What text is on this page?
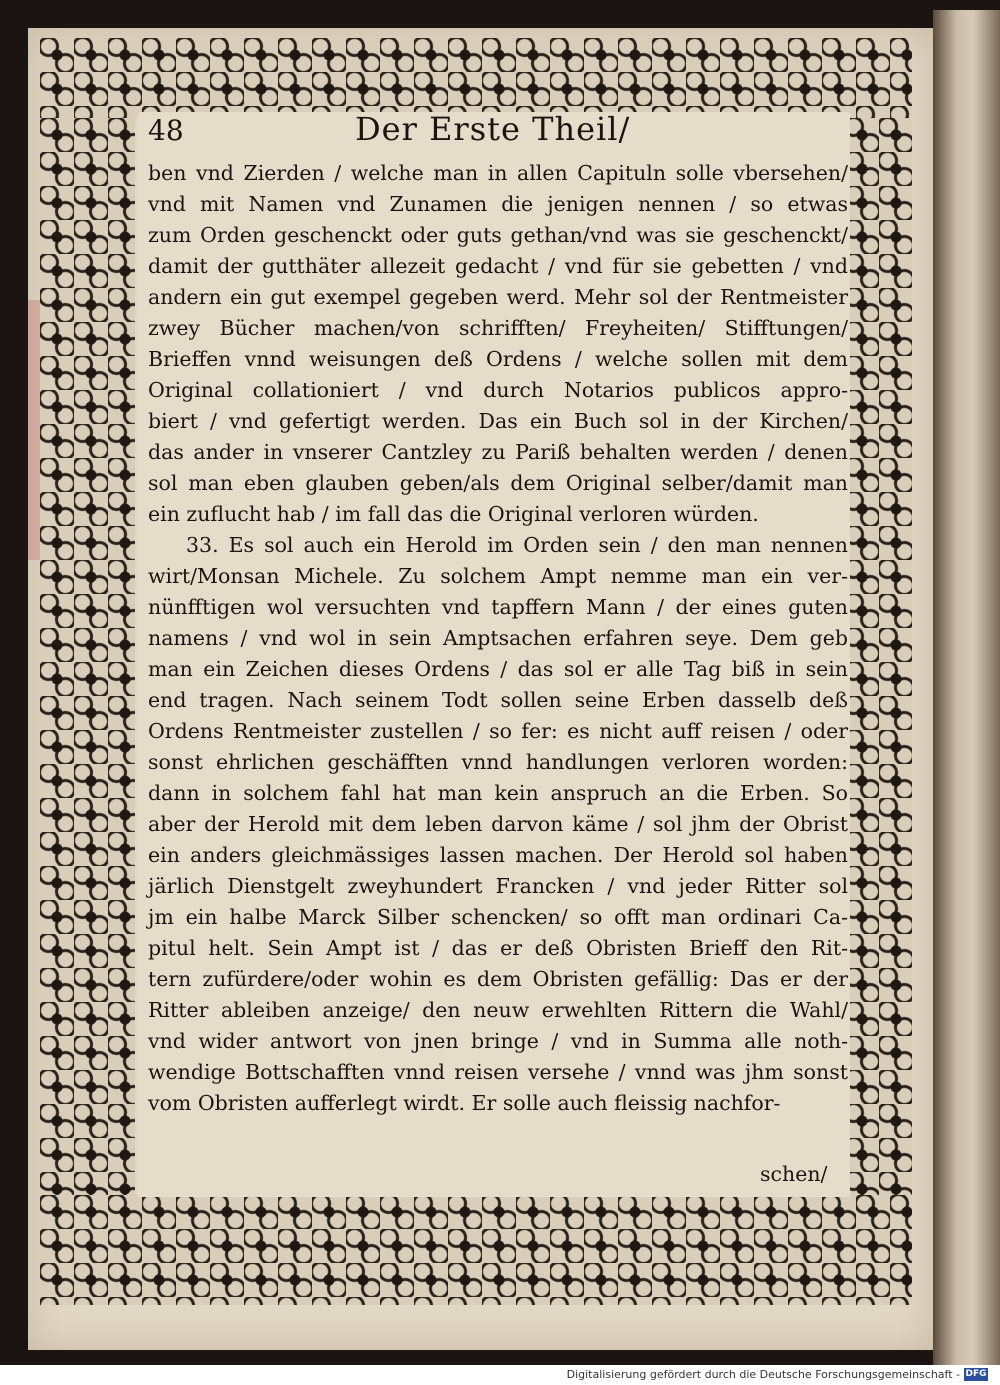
48	Der Erste Theil/
ben vnd Zierden / welche man in allen Capituln solle vbersehen/
vnd mit Namen vnd Zunamen die jenigen nennen / so etwas
zum Orden geschenckt oder guts gethan/vnd was sie geschenckt/
damit der gutthäter allezeit gedacht / vnd für sie gebetten / vnd
andern ein gut exempel gegeben werd. Mehr sol der Rentmeister
zwey Bücher machen/von schrifften/ Freyheiten/ Stifftungen/
Brieffen vnnd weisungen deß Ordens / welche sollen mit dem
Original collationiert / vnd durch Notarios publicos appro-
biert / vnd gefertigt werden. Das ein Buch sol in der Kirchen/
das ander in vnserer Cantzley zu Pariß behalten werden / denen
sol man eben glauben geben/als dem Original selber/damit man
ein zuflucht hab / im fall das die Original verloren würden.
33. Es sol auch ein Herold im Orden sein / den man nennen
wirt/Monsan Michele. Zu solchem Ampt nemme man ein ver-
nünfftigen wol versuchten vnd tapffern Mann / der eines guten
namens / vnd wol in sein Amptsachen erfahren seye. Dem geb
man ein Zeichen dieses Ordens / das sol er alle Tag biß in sein
end tragen. Nach seinem Todt sollen seine Erben dasselb deß
Ordens Rentmeister zustellen / so fer: es nicht auff reisen / oder
sonst ehrlichen geschäfften vnnd handlungen verloren worden:
dann in solchem fahl hat man kein anspruch an die Erben. So
aber der Herold mit dem leben darvon käme / sol jhm der Obrist
ein anders gleichmässiges lassen machen. Der Herold sol haben
järlich Dienstgelt zweyhundert Francken / vnd jeder Ritter sol
jm ein halbe Marck Silber schencken/ so offt man ordinari Ca-
pitul helt. Sein Ampt ist / das er deß Obristen Brieff den Rit-
tern zufürdere/oder wohin es dem Obristen gefällig: Das er der
Ritter ableiben anzeige/ den neuw erwehlten Rittern die Wahl/
vnd wider antwort von jnen bringe / vnd in Summa alle noth-
wendige Bottschafften vnnd reisen versehe / vnnd was jhm sonst
vom Obristen aufferlegt wirdt. Er solle auch fleissig nachfor-
schen/
Digitalisierung gefördert durch die Deutsche Forschungsgemeinschaft - DFG
